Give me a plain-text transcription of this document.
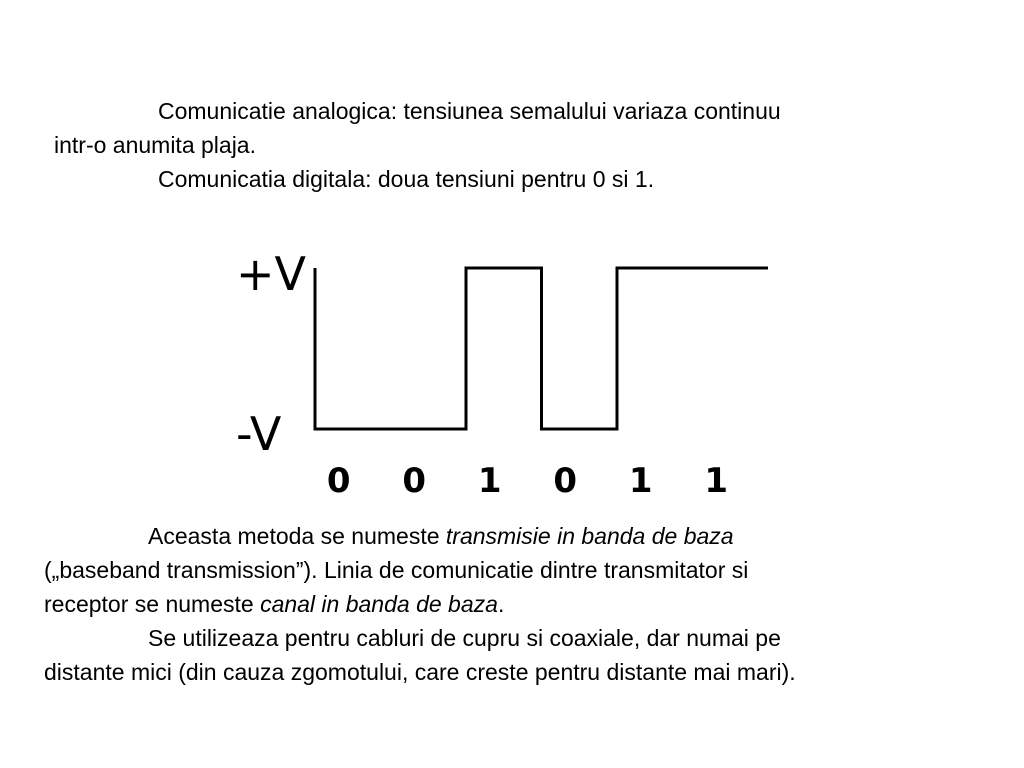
Comunicatie analogica: tensiunea semalului variaza continuu
intr-o anumita plaja.
Comunicatia digitala: doua tensiuni pentru 0 si 1.
+V
-V
0 0 1 0 1 1
Aceasta metoda se numeste transmisie in banda de baza
(„baseband transmission”). Linia de comunicatie dintre transmitator si
receptor se numeste canal in banda de baza.
Se utilizeaza pentru cabluri de cupru si coaxiale, dar numai pe
distante mici (din cauza zgomotului, care creste pentru distante mai mari).
